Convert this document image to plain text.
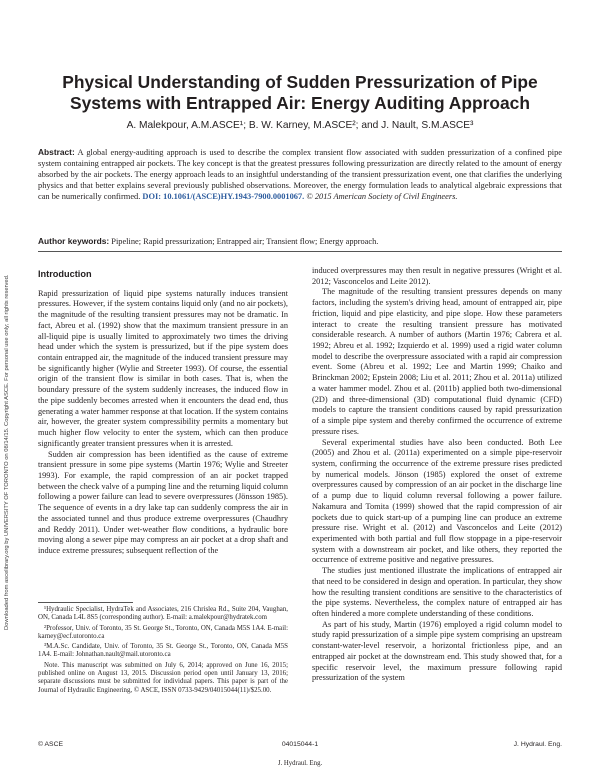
Downloaded from ascelibrary.org by UNIVERSITY OF TORONTO on 08/14/15. Copyright ASCE. For personal use only; all rights reserved.
Physical Understanding of Sudden Pressurization of Pipe Systems with Entrapped Air: Energy Auditing Approach
A. Malekpour, A.M.ASCE¹; B. W. Karney, M.ASCE²; and J. Nault, S.M.ASCE³
Abstract: A global energy-auditing approach is used to describe the complex transient flow associated with sudden pressurization of a confined pipe system containing entrapped air pockets. The key concept is that the greatest pressures following pressurization are directly related to the amount of energy absorbed by the air pockets. The energy approach leads to an insightful understanding of the transient pressurization event, one that clarifies the underlying physics and that better explains several previously published observations. Moreover, the energy formulation leads to analytical algebraic expressions that can be numerically confirmed. DOI: 10.1061/(ASCE)HY.1943-7900.0001067. © 2015 American Society of Civil Engineers.
Author keywords: Pipeline; Rapid pressurization; Entrapped air; Transient flow; Energy approach.
Introduction

Rapid pressurization of liquid pipe systems naturally induces transient pressures. However, if the system contains liquid only (and no air pockets), the magnitude of the resulting transient pressures may not be dramatic. In fact, Abreu et al. (1992) show that the maximum transient pressure in an all-liquid pipe is usually limited to approximately two times the driving head under which the system is pressurized, but if the pipe system does contain entrapped air, the magnitude of the induced transient pressure may be significantly higher (Wylie and Streeter 1993). Of course, the essential origin of the transient flow is similar in both cases. That is, when the boundary pressure of the system suddenly increases, the induced flow in the pipe suddenly becomes arrested when it encounters the dead end, thus generating a water hammer response at that location. If the system contains air, however, the greater system compressibility permits a momentary but much higher flow velocity to enter the system, which can then produce significantly greater transient pressures when it is arrested.

Sudden air compression has been identified as the cause of extreme transient pressure in some pipe systems (Martin 1976; Wylie and Streeter 1993). For example, the rapid compression of an air pocket trapped between the check valve of a pumping line and the returning liquid column following a power failure can lead to severe overpressures (Jönsson 1985). The sequence of events in a dry lake tap can suddenly compress the air in the associated tunnel and thus produce extreme overpressures (Chaudhry and Reddy 2011). Under wet-weather flow conditions, a hydraulic bore moving along a sewer pipe may compress an air pocket at a drop shaft and induce extreme pressures; subsequent reflection of the

¹Hydraulic Specialist, HydraTek and Associates, 216 Chrislea Rd., Suite 204, Vaughan, ON, Canada L4L 8S5 (corresponding author). E-mail: a.malekpour@hydratek.com

²Professor, Univ. of Toronto, 35 St. George St., Toronto, ON, Canada M5S 1A4. E-mail: karney@ecf.utoronto.ca

³M.A.Sc. Candidate, Univ. of Toronto, 35 St. George St., Toronto, ON, Canada M5S 1A4. E-mail: Johnathan.nault@mail.utoronto.ca

Note. This manuscript was submitted on July 6, 2014; approved on June 16, 2015; published online on August 13, 2015. Discussion period open until January 13, 2016; separate discussions must be submitted for individual papers. This paper is part of the Journal of Hydraulic Engineering, © ASCE, ISSN 0733-9429/04015044(11)/$25.00.

induced overpressures may then result in negative pressures (Wright et al. 2012; Vasconcelos and Leite 2012).

The magnitude of the resulting transient pressures depends on many factors, including the system's driving head, amount of entrapped air, pipe friction, liquid and pipe elasticity, and pipe slope. How these parameters interact to create the resulting transient pressure has motivated considerable research. A number of authors (Martin 1976; Cabrera et al. 1992; Abreu et al. 1992; Izquierdo et al. 1999) used a rigid water column model to describe the overpressure associated with a rapid air compression event. Some (Abreu et al. 1992; Lee and Martin 1999; Chaiko and Brinckman 2002; Epstein 2008; Liu et al. 2011; Zhou et al. 2011a) utilized a water hammer model. Zhou et al. (2011b) applied both two-dimensional (2D) and three-dimensional (3D) computational fluid dynamic (CFD) models to capture the transient conditions caused by rapid pressurization of a simple pipe system and thereby confirmed the occurrence of extreme pressure rises.

Several experimental studies have also been conducted. Both Lee (2005) and Zhou et al. (2011a) experimented on a simple pipe-reservoir system, confirming the occurrence of the extreme pressure rises predicted by numerical models. Jönson (1985) explored the onset of extreme overpressures caused by compression of an air pocket in the discharge line of a pump due to liquid column reversal following a power failure. Nakamura and Tomita (1999) showed that the rapid compression of air pockets due to quick start-up of a pumping line can produce an extreme pressure rise. Wright et al. (2012) and Vasconcelos and Leite (2012) experimented with both partial and full flow stoppage in a pipe-reservoir system with a downstream air pocket, and like others, they reported the occurrence of extreme positive and negative pressures.

The studies just mentioned illustrate the implications of entrapped air that need to be considered in design and operation. In particular, they show how the resulting transient conditions are sensitive to the characteristics of the pipe systems. Nevertheless, the complex nature of entrapped air has often hindered a more complete understanding of these conditions.

As part of his study, Martin (1976) employed a rigid column model to study rapid pressurization of a simple pipe system comprising an upstream constant-water-level reservoir, a horizontal frictionless pipe, and an entrapped air pocket at the downstream end. This study showed that, for a specific reservoir level, the maximum pressure following rapid pressurization of the system

© ASCE	04015044-1	J. Hydraul. Eng.
J. Hydraul. Eng.
